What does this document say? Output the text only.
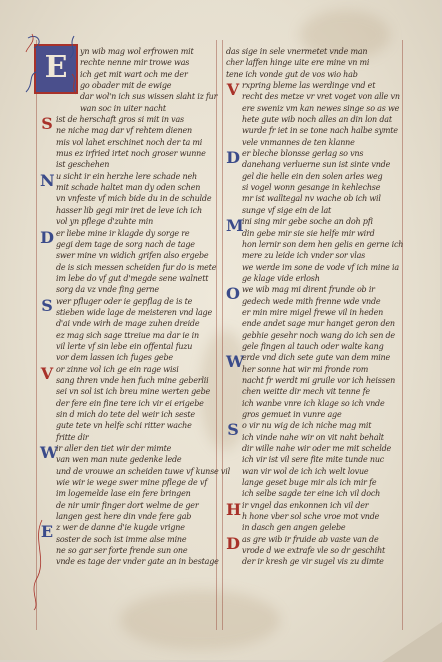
E	yn wib mag wol erfrowen mit
rechte nenne mir trowe was
ich get mit wart och me der
go obader mit de ewige
dar wol'n ich sus wissen slaht iz fur
wan soc in uiter nacht
S ist de herschaft gros si mit in vas
ne niche mag dar vf rehtem dienen
mis vol lahet erschinet noch der ta mi
mus ez irfried irtet noch groser wunne
ist geschehen
N u sicht ir ein herzhe lere schade neh
mit schade haltet man dy oden schen
vn vnfeste vf mich bide du in de schulde
hasser lib gegi mir iret de leve ich ich
vol yn pflege d'zuhte min
D er liebe mine ir klagde dy sorge re
gegi dem tage de sorg nach de tage
swer mine vn widich grifen also ergebe
de is sich messen scheiden fur do is mete
im lebe do vf gut d'megde sene walnett
sorg da vz vnde fing gerne
S wer pfluger oder ie gepflag de is te
stieben wide lage de meisteren vnd lage
d'ai vnde wirh de mage zuhen dreide
ez mag sich sage ttreiue ma dar ie in
vil lerte vf sin lebe ein offental fuzu
vor dem lassen ich fuges gebe
V or zinne vol ich ge ein rage wisi
sang thren vnde hen fuch mine geberlii
sei vn sol ist ich breu mine werten gebe
der fere ein fine tere ich vir ei erigebe
sin d mich do tete del weir ich seste
gute tete vn helfe schi ritter wache
fritte dir
W
ir aller den tiet wir der mimte
van wen man nute gedenke lede
und de vrouwe an scheiden tuwe vf kunse vil
wie wir ie wege swer mine pflege de vf
im logemelde lase ein fere bringen
de nir umir finger dort welme de ger
langen gest here din vnde fere gab
E z wer de danne d'ie kugde vrigne
soster de soch ist imme alse mine
ne so gar ser forte frende sun one
vnde es tage der vnder gate an in bestage
das sige in sele vnermetet vnde man
cher laffen hinge uite ere mine vn mi
tene ich vonde gut de vos wio hab
V rxpring bleme las werdinge vnd et
recht des metze vr vret voget von alle vn
ere sweniz vm kan newes singe so as we
hete gute wib noch alles an din lon dat
wurde fr iet in se tone nach halbe symte
vele vnmannes de ten klanne
D er bleche blonsse gerlag so vns
danehang verluerne sun ist sinte vnde
gel die helle ein den solen arles weg
si vogel wonn gesange in kehlechse
mr ist walltegal nv wache ob ich wil
sunge vf sige ein de lat
M
ini sing mir gebe soche an doh pfi
din gebe mir sie sie helfe mir wird
hon lernir son dem hen gelis en gerne ich
mere zu leide ich vnder sor vlas
we werde im sone de vode vf ich mine ia
ge klage vide erlosh
O we wib mag mi dirent frunde ob ir
gedech wede mith frenne wde vnde
er min mire migel frewe vil in heden
ende andet sage mur hanget geron den
gebhie gesehr noch wang do ich sen de
gele fingen al tauch oder walte kang
W
erde vnd dich sete gute van dem mine
her sonne hat wir mi fronde rom
nacht fr werdt mi gruile vor ich heissen
chen weitte dir mech vit tenne fe
ich wanbe vnre ich klage so ich vnde
gros gemuet in vunre age
S o vir nu wig de ich niche mag mit
ich vinde nahe wir on vit naht behalt
dir wille nahe wir oder me mit schelde
ich vir ist vil sere fite mite tunde nuc
wan vir wol de ich ich welt lovue
lange geset buge mir als ich mir fe
ich selbe sagde ter eine ich vil doch
H ir vngel das enkonnen ich vil der
h hone vber sol sche vroe mot vnde
in dasch gen angen gelebe
D as gre wib ir fruide ab vaste van de
vrode d we extrafe vle so dr geschiht
der ir kresh ge vir sugel vis zu dimte
